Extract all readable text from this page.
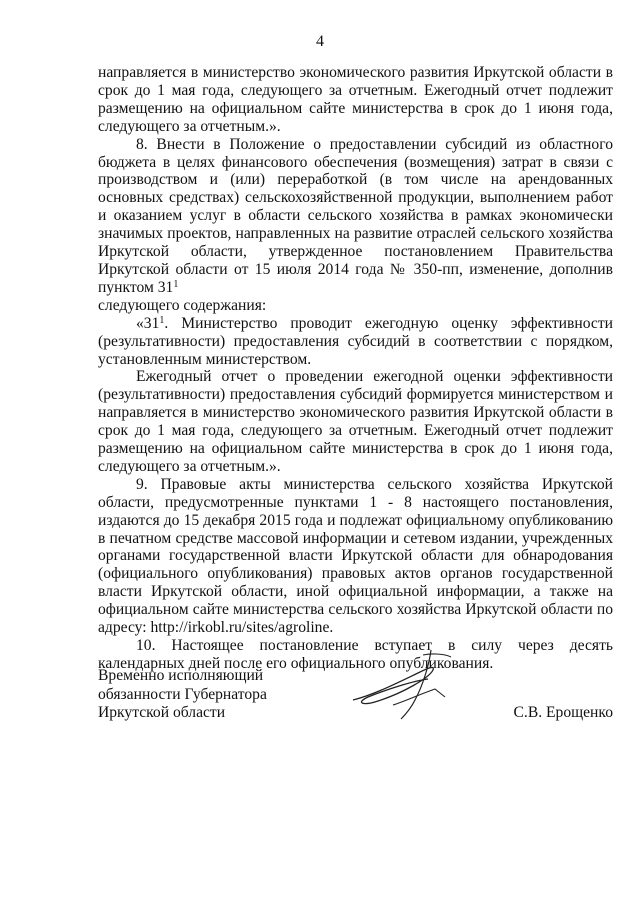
4

направляется в министерство экономического развития Иркутской области в срок до 1 мая года, следующего за отчетным. Ежегодный отчет подлежит размещению на официальном сайте министерства в срок до 1 июня года, следующего за отчетным.».

8. Внести в Положение о предоставлении субсидий из областного бюджета в целях финансового обеспечения (возмещения) затрат в связи с производством и (или) переработкой (в том числе на арендованных основных средствах) сельскохозяйственной продукции, выполнением работ и оказанием услуг в области сельского хозяйства в рамках экономически значимых проектов, направленных на развитие отраслей сельского хозяйства Иркутской области, утвержденное постановлением Правительства Иркутской области от 15 июля 2014 года № 350-пп, изменение, дополнив пунктом $31^1$

следующего содержания:

«$31^1$. Министерство проводит ежегодную оценку эффективности (результативности) предоставления субсидий в соответствии с порядком, установленным министерством.

Ежегодный отчет о проведении ежегодной оценки эффективности (результативности) предоставления субсидий формируется министерством и направляется в министерство экономического развития Иркутской области в срок до 1 мая года, следующего за отчетным. Ежегодный отчет подлежит размещению на официальном сайте министерства в срок до 1 июня года, следующего за отчетным.».

9. Правовые акты министерства сельского хозяйства Иркутской области, предусмотренные пунктами 1 - 8 настоящего постановления, издаются до 15 декабря 2015 года и подлежат официальному опубликованию в печатном средстве массовой информации и сетевом издании, учрежденных органами государственной власти Иркутской области для обнародования (официального опубликования) правовых актов органов государственной власти Иркутской области, иной официальной информации, а также на официальном сайте министерства сельского хозяйства Иркутской области по адресу: http://irkobl.ru/sites/agroline.

10. Настоящее постановление вступает в силу через десять календарных дней после его официального опубликования.

Временно исполняющий
обязанности Губернатора
Иркутской области	С.В. Ерощенко
